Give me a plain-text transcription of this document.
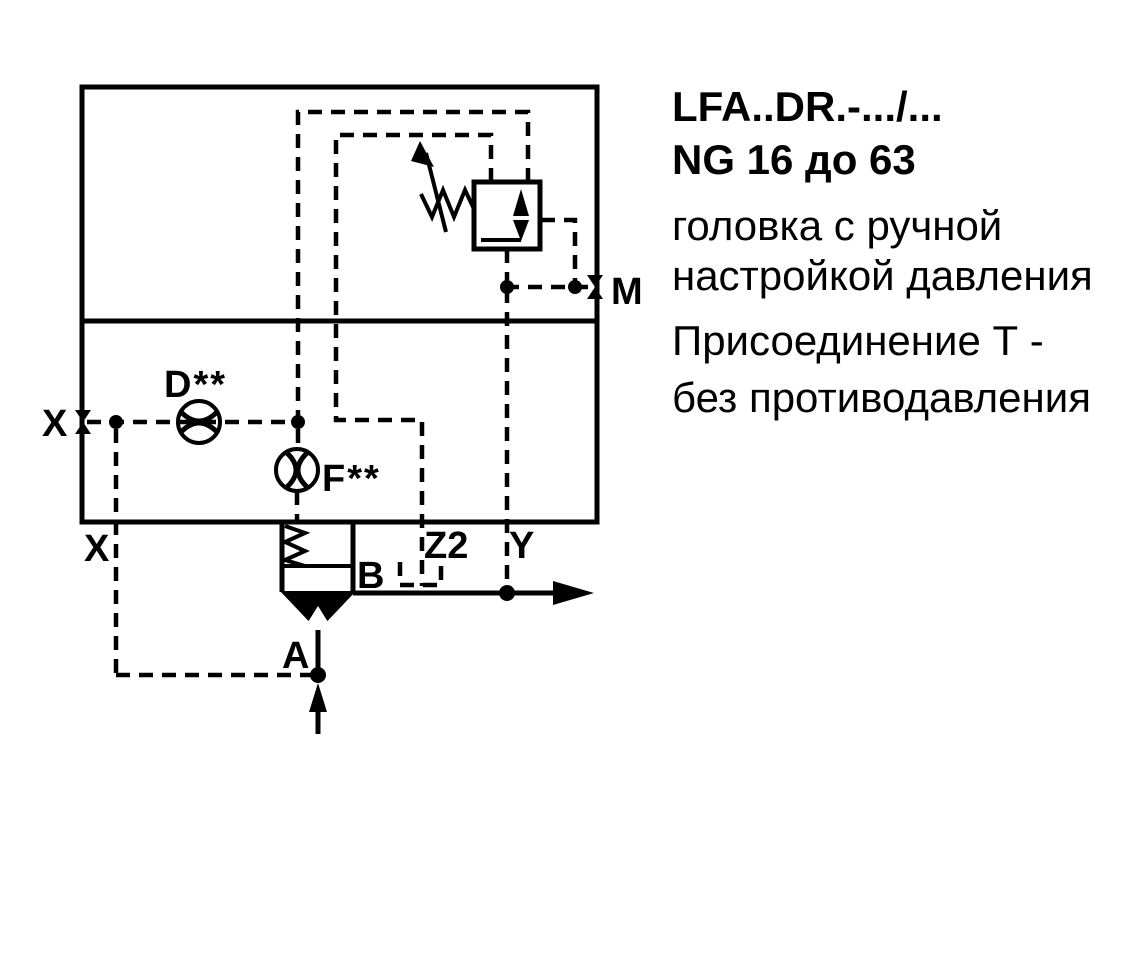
X
X
M
Y
Z2
B
A
D**
F**
LFA..DR.-.../...
NG 16 до 63
головка с ручной
настройкой давления
Присоединение Т -
без противодавления
